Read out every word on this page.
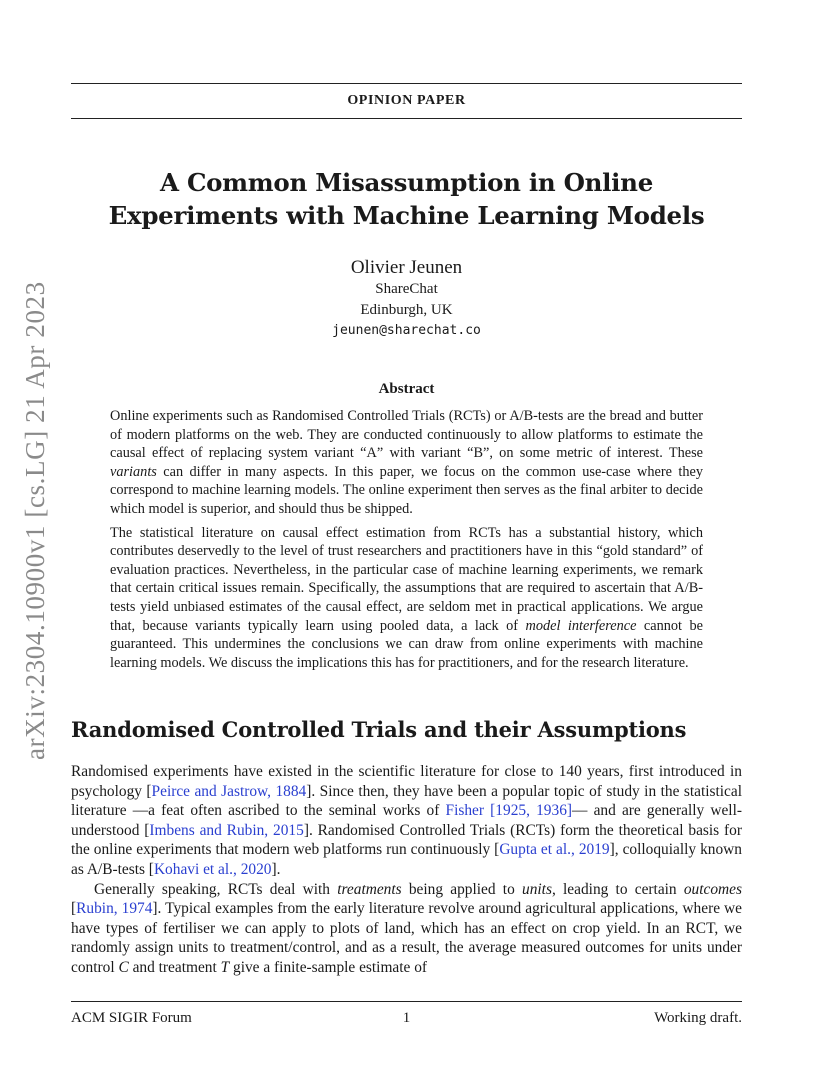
OPINION PAPER
arXiv:2304.10900v1 [cs.LG] 21 Apr 2023
A Common Misassumption in Online
Experiments with Machine Learning Models
Olivier Jeunen
ShareChat
Edinburgh, UK
jeunen@sharechat.co
Abstract

Online experiments such as Randomised Controlled Trials (RCTs) or A/B-tests are the bread and butter of modern platforms on the web. They are conducted continuously to allow platforms to estimate the causal effect of replacing system variant “A” with variant “B”, on some metric of interest. These variants can differ in many aspects. In this paper, we focus on the common use-case where they correspond to machine learning models. The online experiment then serves as the final arbiter to decide which model is superior, and should thus be shipped.

The statistical literature on causal effect estimation from RCTs has a substantial history, which contributes deservedly to the level of trust researchers and practitioners have in this “gold standard” of evaluation practices. Nevertheless, in the particular case of machine learning experiments, we remark that certain critical issues remain. Specifically, the assumptions that are required to ascertain that A/B-tests yield unbiased estimates of the causal effect, are seldom met in practical applications. We argue that, because variants typically learn using pooled data, a lack of model interference cannot be guaranteed. This undermines the conclusions we can draw from online experiments with machine learning models. We discuss the implications this has for practitioners, and for the research literature.

Randomised Controlled Trials and their Assumptions

Randomised experiments have existed in the scientific literature for close to 140 years, first introduced in psychology [Peirce and Jastrow, 1884]. Since then, they have been a popular topic of study in the statistical literature —a feat often ascribed to the seminal works of Fisher [1925, 1936]— and are generally well-understood [Imbens and Rubin, 2015]. Randomised Controlled Trials (RCTs) form the theoretical basis for the online experiments that modern web platforms run continuously [Gupta et al., 2019], colloquially known as A/B-tests [Kohavi et al., 2020].

Generally speaking, RCTs deal with treatments being applied to units, leading to certain outcomes [Rubin, 1974]. Typical examples from the early literature revolve around agricultural applications, where we have types of fertiliser we can apply to plots of land, which has an effect on crop yield. In an RCT, we randomly assign units to treatment/control, and as a result, the average measured outcomes for units under control C and treatment T give a finite-sample estimate of

ACM SIGIR Forum	1	Working draft.
